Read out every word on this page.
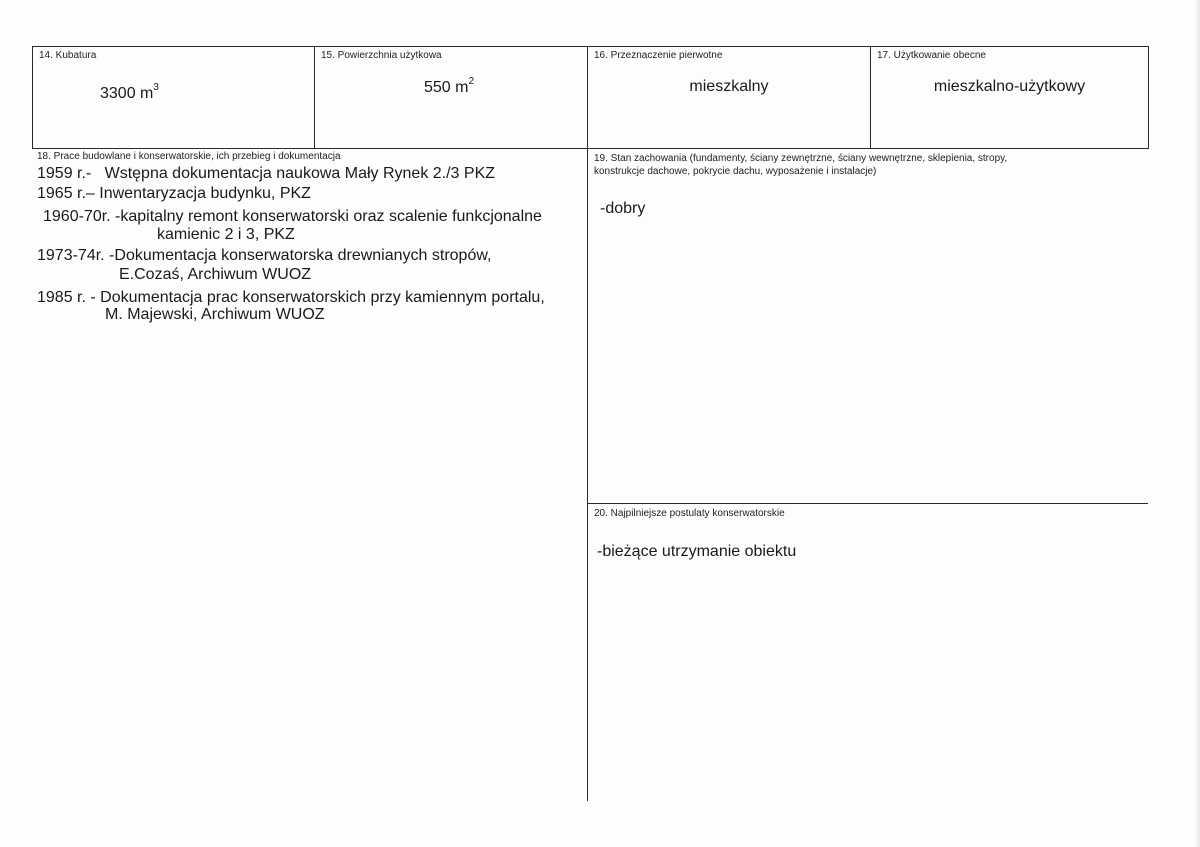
14. Kubatura
3300 $m^3$
15. Powierzchnia użytkowa
550 $m^2$
16. Przeznaczenie pierwotne
mieszkalny
17. Użytkowanie obecne
mieszkalno-użytkowy
18. Prace budowlane i konserwatorskie, ich przebieg i dokumentacja
1959 r.-   Wstępna dokumentacja naukowa Mały Rynek 2./3 PKZ
1965 r.– Inwentaryzacja budynku, PKZ
1960-70r. -kapitalny remont konserwatorski oraz scalenie funkcjonalne
kamienic 2 i 3, PKZ
1973-74r. -Dokumentacja konserwatorska drewnianych stropów,
E.Cozaś, Archiwum WUOZ
1985 r. - Dokumentacja prac konserwatorskich przy kamiennym portalu,
M. Majewski, Archiwum WUOZ
19. Stan zachowania (fundamenty, ściany zewnętrzne, ściany wewnętrzne, sklepienia, stropy,
konstrukcje dachowe, pokrycie dachu, wyposażenie i instalacje)
-dobry
20. Najpilniejsze postulaty konserwatorskie
-bieżące utrzymanie obiektu
